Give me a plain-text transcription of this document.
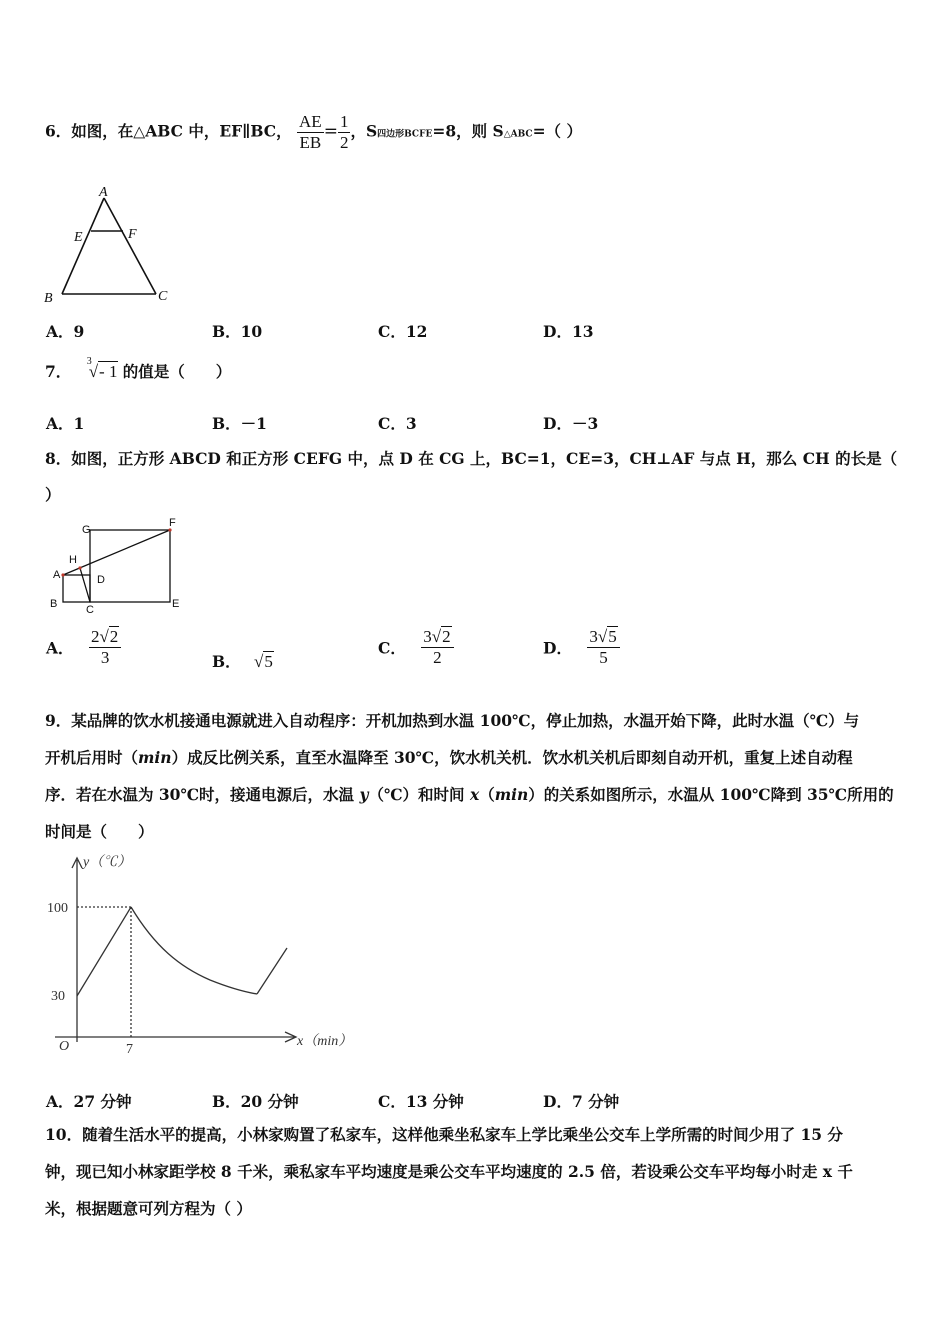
6．如图，在△ABC 中，EF∥BC， $\frac{AE}{EB} = \frac{1}{2}$ ，S四边形BCFE=8，则 S△ABC=（ ）
A
E	F
B	C
A．9	B．10	C．12	D．13
7．
3
√- 1 的值是（　　）
A．1	B．－1	C．3	D．－3
8．如图，正方形 ABCD 和正方形 CEFG 中，点 D 在 CG 上，BC=1，CE=3，CH⊥AF 与点 H，那么 CH 的长是（
）
G
F
H
A	D
B	C	E
A． $\frac{2√2}{3}$	B． √5
C． $\frac{3√2}{2}$	D． $\frac{3√5}{5}$
9．某品牌的饮水机接通电源就进入自动程序：开机加热到水温 100℃，停止加热，水温开始下降，此时水温（℃）与
开机后用时（min）成反比例关系，直至水温降至 30℃，饮水机关机．饮水机关机后即刻自动开机，重复上述自动程
序．若在水温为 30℃时，接通电源后，水温 y（℃）和时间 x（min）的关系如图所示，水温从 100℃降到 35℃所用的
时间是（　　）
y（℃）
x（min）
O
100
30
7
A．27 分钟	B．20 分钟	C．13 分钟	D．7 分钟
10．随着生活水平的提高，小林家购置了私家车，这样他乘坐私家车上学比乘坐公交车上学所需的时间少用了 15 分
钟，现已知小林家距学校 8 千米，乘私家车平均速度是乘公交车平均速度的 2.5 倍，若设乘公交车平均每小时走 x 千
米，根据题意可列方程为（ ）
